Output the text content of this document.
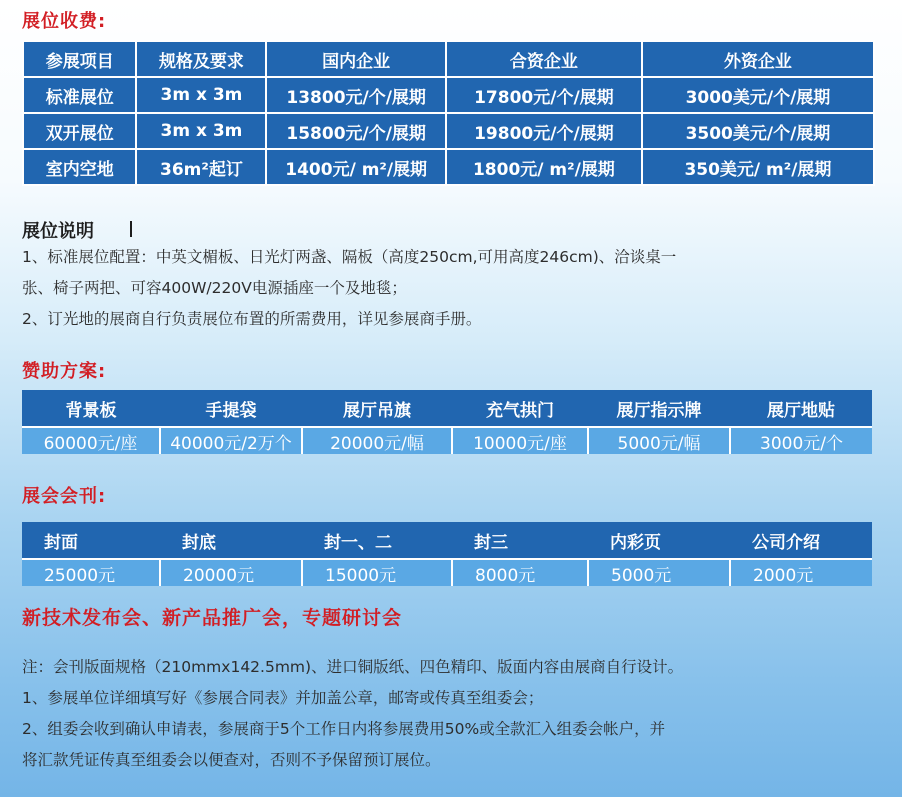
展位收费:
参展项目	规格及要求	国内企业	合资企业	外资企业
标准展位	3m x 3m	13800元/个/展期	17800元/个/展期	3000美元/个/展期
双开展位	3m x 3m	15800元/个/展期	19800元/个/展期	3500美元/个/展期
室内空地	36m²起订	1400元/ m²/展期	1800元/ m²/展期	350美元/ m²/展期
展位说明
1、标准展位配置：中英文楣板、日光灯两盏、隔板（高度250cm,可用高度246cm)、洽谈桌一
张、椅子两把、可容400W/220V电源插座一个及地毯；
2、订光地的展商自行负责展位布置的所需费用，详见参展商手册。
赞助方案:
背景板	手提袋	展厅吊旗	充气拱门	展厅指示牌	展厅地贴
60000元/座	40000元/2万个	20000元/幅	10000元/座	5000元/幅	3000元/个
展会会刊:
封面	封底	封一、二	封三	内彩页	公司介绍
25000元	20000元	15000元	8000元	5000元	2000元
新技术发布会、新产品推广会，专题研讨会
注：会刊版面规格（210mmx142.5mm)、进口铜版纸、四色精印、版面内容由展商自行设计。
1、参展单位详细填写好《参展合同表》并加盖公章，邮寄或传真至组委会；
2、组委会收到确认申请表，参展商于5个工作日内将参展费用50%或全款汇入组委会帐户，并
将汇款凭证传真至组委会以便查对，否则不予保留预订展位。
